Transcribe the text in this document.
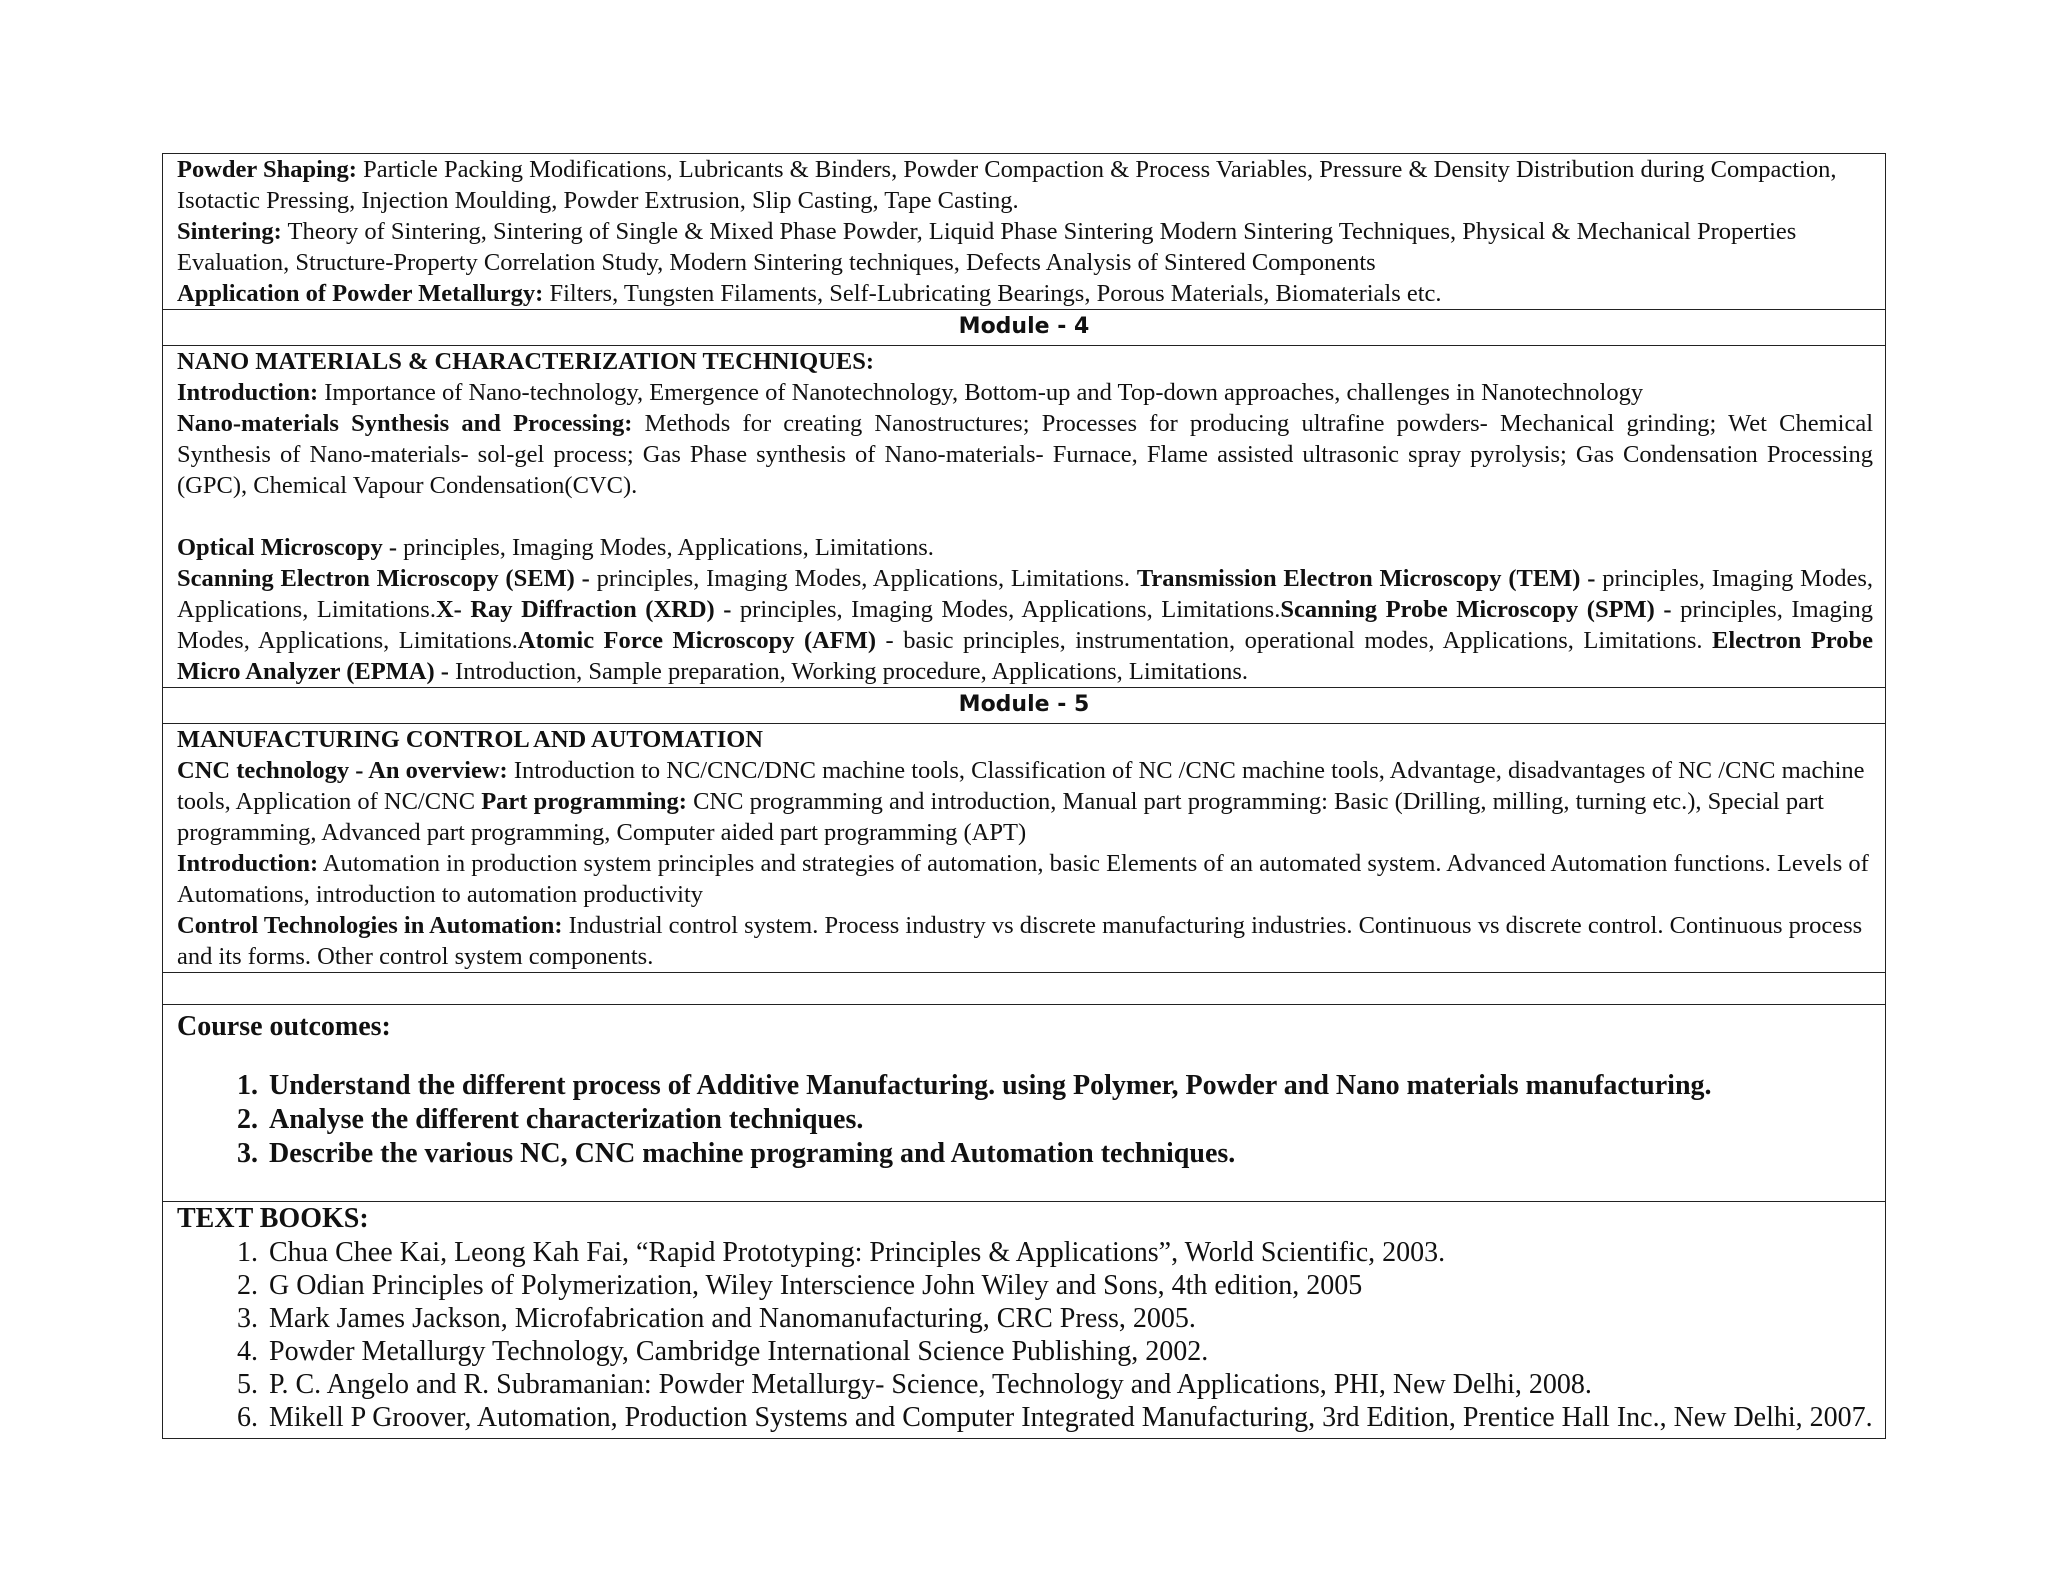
Powder Shaping: Particle Packing Modifications, Lubricants & Binders, Powder Compaction & Process Variables, Pressure & Density Distribution during Compaction, Isotactic Pressing, Injection Moulding, Powder Extrusion, Slip Casting, Tape Casting.

Sintering: Theory of Sintering, Sintering of Single & Mixed Phase Powder, Liquid Phase Sintering Modern Sintering Techniques, Physical & Mechanical Properties Evaluation, Structure-Property Correlation Study, Modern Sintering techniques, Defects Analysis of Sintered Components

Application of Powder Metallurgy: Filters, Tungsten Filaments, Self-Lubricating Bearings, Porous Materials, Biomaterials etc.

Module - 4

NANO MATERIALS & CHARACTERIZATION TECHNIQUES:

Introduction: Importance of Nano-technology, Emergence of Nanotechnology, Bottom-up and Top-down approaches, challenges in Nanotechnology

Nano-materials Synthesis and Processing: Methods for creating Nanostructures; Processes for producing ultrafine powders- Mechanical grinding; Wet Chemical Synthesis of Nano-materials- sol-gel process; Gas Phase synthesis of Nano-materials- Furnace, Flame assisted ultrasonic spray pyrolysis; Gas Condensation Processing (GPC), Chemical Vapour Condensation(CVC).

Optical Microscopy - principles, Imaging Modes, Applications, Limitations.

Scanning Electron Microscopy (SEM) - principles, Imaging Modes, Applications, Limitations. Transmission Electron Microscopy (TEM) - principles, Imaging Modes, Applications, Limitations.X- Ray Diffraction (XRD) - principles, Imaging Modes, Applications, Limitations.Scanning Probe Microscopy (SPM) - principles, Imaging Modes, Applications, Limitations.Atomic Force Microscopy (AFM) - basic principles, instrumentation, operational modes, Applications, Limitations. Electron Probe Micro Analyzer (EPMA) - Introduction, Sample preparation, Working procedure, Applications, Limitations.

Module - 5

MANUFACTURING CONTROL AND AUTOMATION

CNC technology - An overview: Introduction to NC/CNC/DNC machine tools, Classification of NC /CNC machine tools, Advantage, disadvantages of NC /CNC machine tools, Application of NC/CNC Part programming: CNC programming and introduction, Manual part programming: Basic (Drilling, milling, turning etc.), Special part programming, Advanced part programming, Computer aided part programming (APT)

Introduction: Automation in production system principles and strategies of automation, basic Elements of an automated system. Advanced Automation functions. Levels of Automations, introduction to automation productivity

Control Technologies in Automation: Industrial control system. Process industry vs discrete manufacturing industries. Continuous vs discrete control. Continuous process and its forms. Other control system components.

Course outcomes:
1. Understand the different process of Additive Manufacturing. using Polymer, Powder and Nano materials manufacturing.
2. Analyse the different characterization techniques.
3. Describe the various NC, CNC machine programing and Automation techniques.
TEXT BOOKS:
1. Chua Chee Kai, Leong Kah Fai, “Rapid Prototyping: Principles & Applications”, World Scientific, 2003.
2. G Odian Principles of Polymerization, Wiley Interscience John Wiley and Sons, 4th edition, 2005
3. Mark James Jackson, Microfabrication and Nanomanufacturing, CRC Press, 2005.
4. Powder Metallurgy Technology, Cambridge International Science Publishing, 2002.
5. P. C. Angelo and R. Subramanian: Powder Metallurgy- Science, Technology and Applications, PHI, New Delhi, 2008.
6. Mikell P Groover, Automation, Production Systems and Computer Integrated Manufacturing, 3rd Edition, Prentice Hall Inc., New Delhi, 2007.
